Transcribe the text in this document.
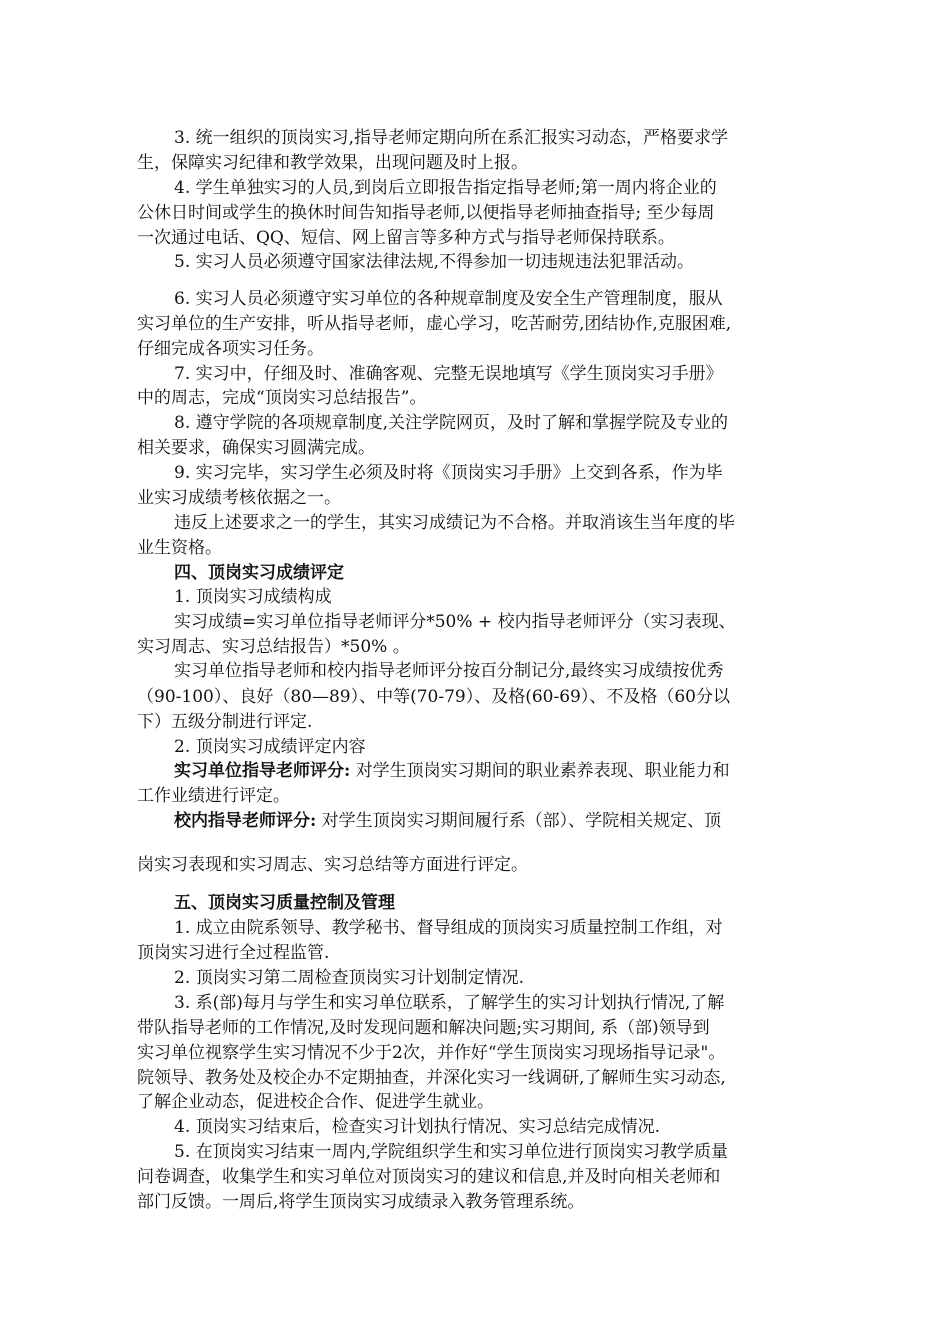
3. 统一组织的顶岗实习,指导老师定期向所在系汇报实习动态，严格要求学
生，保障实习纪律和教学效果，出现问题及时上报。
4. 学生单独实习的人员,到岗后立即报告指定指导老师;第一周内将企业的
公休日时间或学生的换休时间告知指导老师,以便指导老师抽查指导; 至少每周
一次通过电话、QQ、短信、网上留言等多种方式与指导老师保持联系。
5. 实习人员必须遵守国家法律法规,不得参加一切违规违法犯罪活动。
6. 实习人员必须遵守实习单位的各种规章制度及安全生产管理制度，服从
实习单位的生产安排，听从指导老师，虚心学习，吃苦耐劳,团结协作,克服困难,
仔细完成各项实习任务。
7. 实习中，仔细及时、准确客观、完整无误地填写《学生顶岗实习手册》
中的周志，完成“顶岗实习总结报告”。
8. 遵守学院的各项规章制度,关注学院网页，及时了解和掌握学院及专业的
相关要求，确保实习圆满完成。
9. 实习完毕，实习学生必须及时将《顶岗实习手册》上交到各系，作为毕
业实习成绩考核依据之一。
违反上述要求之一的学生，其实习成绩记为不合格。并取消该生当年度的毕
业生资格。
四、顶岗实习成绩评定
1. 顶岗实习成绩构成
实习成绩=实习单位指导老师评分*50% + 校内指导老师评分（实习表现、
实习周志、实习总结报告）*50% 。
实习单位指导老师和校内指导老师评分按百分制记分,最终实习成绩按优秀
（90-100）、良好（80—89）、中等(70-79）、及格(60-69）、不及格（60分以
下）五级分制进行评定.
2. 顶岗实习成绩评定内容
实习单位指导老师评分: 对学生顶岗实习期间的职业素养表现、职业能力和
工作业绩进行评定。
校内指导老师评分: 对学生顶岗实习期间履行系（部）、学院相关规定、顶
岗实习表现和实习周志、实习总结等方面进行评定。
五、顶岗实习质量控制及管理
1. 成立由院系领导、教学秘书、督导组成的顶岗实习质量控制工作组，对
顶岗实习进行全过程监管.
2. 顶岗实习第二周检查顶岗实习计划制定情况.
3. 系(部)每月与学生和实习单位联系，了解学生的实习计划执行情况,了解
带队指导老师的工作情况,及时发现问题和解决问题;实习期间, 系（部)领导到
实习单位视察学生实习情况不少于2次，并作好“学生顶岗实习现场指导记录"。
院领导、教务处及校企办不定期抽查，并深化实习一线调研,了解师生实习动态,
了解企业动态，促进校企合作、促进学生就业。
4. 顶岗实习结束后，检查实习计划执行情况、实习总结完成情况.
5. 在顶岗实习结束一周内,学院组织学生和实习单位进行顶岗实习教学质量
问卷调查，收集学生和实习单位对顶岗实习的建议和信息,并及时向相关老师和
部门反馈。一周后,将学生顶岗实习成绩录入教务管理系统。
